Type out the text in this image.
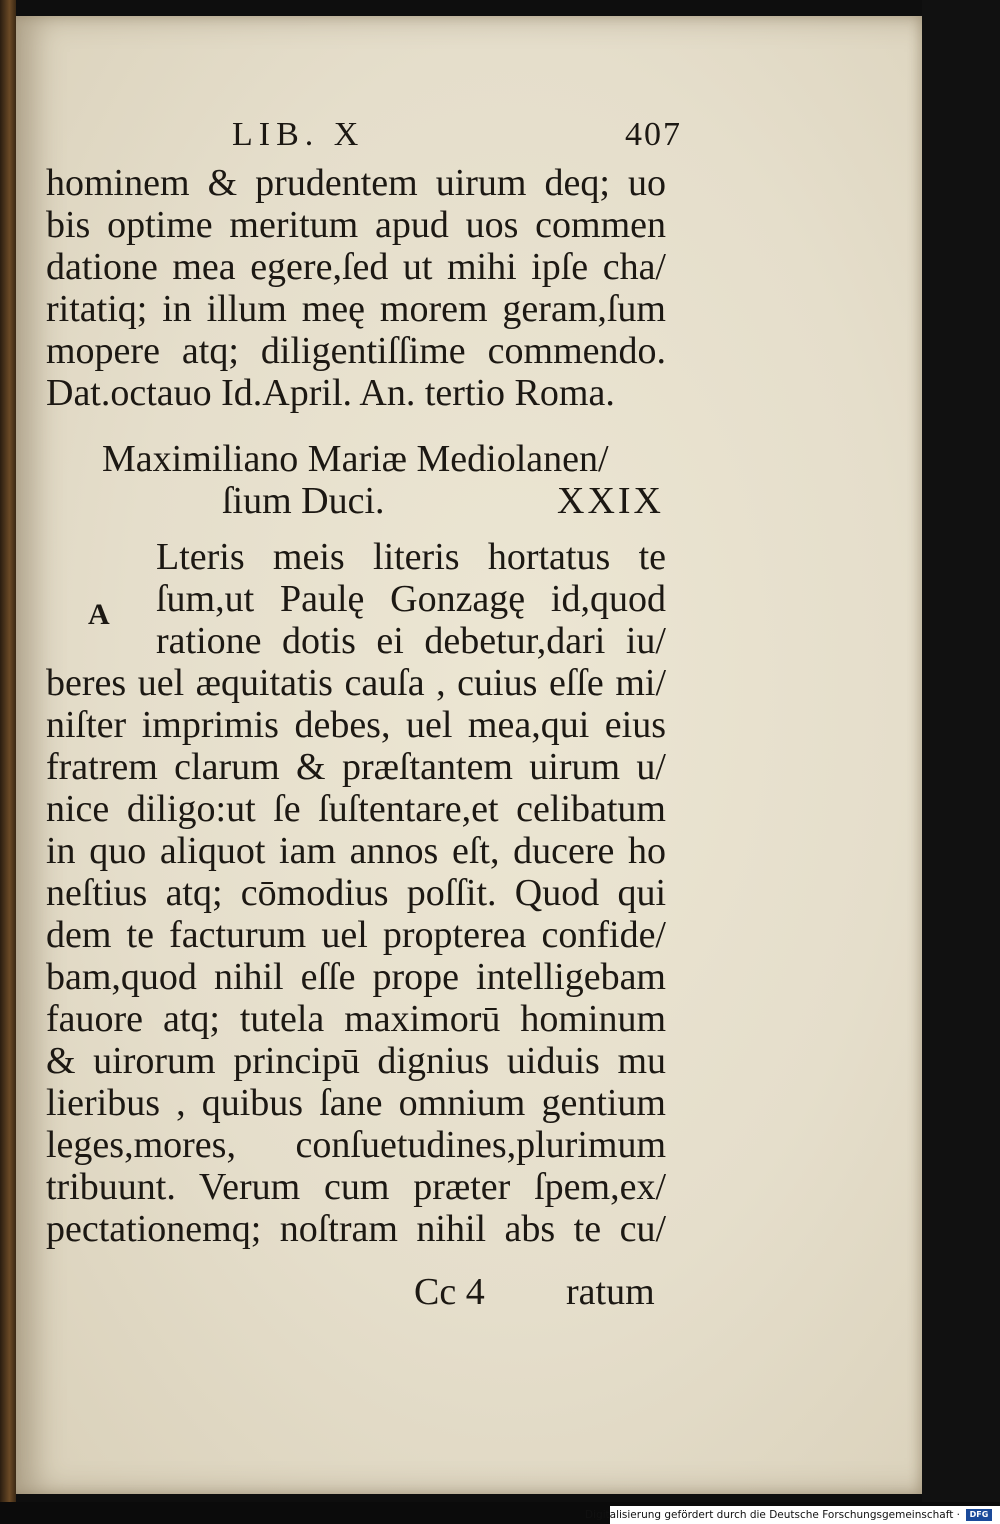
LIB. X	407
hominem & prudentem uirum deq; uo
bis optime meritum apud uos commen
datione mea egere,ſed ut mihi ipſe cha/
ritatiq; in illum meę morem geram,ſum
mopere atq; diligentiſſime commendo.
Dat.octauo Id.April. An. tertio Roma.
Maximiliano Mariæ Mediolanen/
ſium Duci.	XXIX
A
Lteris meis literis hortatus te
ſum,ut Paulę Gonzagę id,quod
ratione dotis ei debetur,dari iu/
beres uel æquitatis cauſa , cuius eſſe mi/
niſter imprimis debes, uel mea,qui eius
fratrem clarum & præſtantem uirum u/
nice diligo:ut ſe ſuſtentare,et celibatum
in quo aliquot iam annos eſt, ducere ho
neſtius atq; cōmodius poſſit. Quod qui
dem te facturum uel propterea confide/
bam,quod nihil eſſe prope intelligebam
fauore atq; tutela maximorū hominum
& uirorum principū dignius uiduis mu
lieribus , quibus ſane omnium gentium
leges,mores, conſuetudines,plurimum
tribuunt. Verum cum præter ſpem,ex/
pectationemq; noſtram nihil abs te cu/
Cc 4 ratum
Digitalisierung gefördert durch die Deutsche Forschungsgemeinschaft ·	DFG
